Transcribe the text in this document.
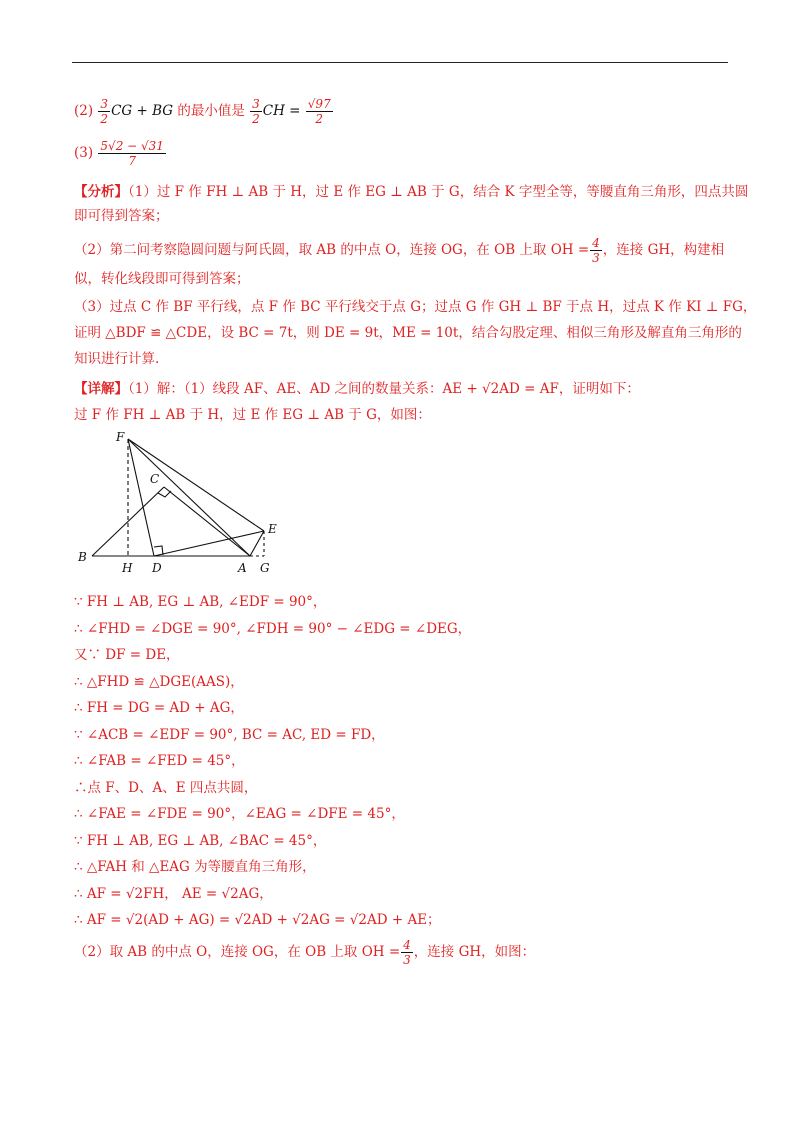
$(2) \frac{3}{2}$ CG + BG 的最小值是 $\frac{3}{2}$ CH = $\frac{√97}{2}$

$(3) \frac{5√2 - √31}{7}$

【分析】（1）过 F 作 FH ⊥ AB 于 H，过 E 作 EG ⊥ AB 于 G，结合 K 字型全等，等腰直角三角形，四点共圆

即可得到答案；

（2）第二问考察隐圆问题与阿氏圆，取 AB 的中点 O，连接 OG，在 OB 上取 OH = $\frac{4}{3}$ ，连接 GH，构建相

似，转化线段即可得到答案；

（3）过点 C 作 BF 平行线，点 F 作 BC 平行线交于点 G；过点 G 作 GH ⊥ BF 于点 H，过点 K 作 KI ⊥ FG，

证明 △BDF ≌ △CDE，设 BC = 7t，则 DE = 9t，ME = 10t，结合勾股定理、相似三角形及解直角三角形的

知识进行计算.

【详解】（1）解：（1）线段 AF、AE、AD 之间的数量关系：AE + √2AD = AF，证明如下：

过 F 作 FH ⊥ AB 于 H，过 E 作 EG ⊥ AB 于 G，如图：

F
C
E
B
H D	A G

∵ FH ⊥ AB, EG ⊥ AB, ∠EDF = 90°，

∴ ∠FHD = ∠DGE = 90°, ∠FDH = 90° − ∠EDG = ∠DEG，

又∵ DF = DE，

∴ △FHD ≌ △DGE(AAS)，

∴ FH = DG = AD + AG，

∵ ∠ACB = ∠EDF = 90°, BC = AC, ED = FD，

∴ ∠FAB = ∠FED = 45°，

∴点 F、D、A、E 四点共圆，

∴ ∠FAE = ∠FDE = 90°，∠EAG = ∠DFE = 45°，

∵ FH ⊥ AB, EG ⊥ AB, ∠BAC = 45°，

∴ △FAH 和 △EAG 为等腰直角三角形，

∴ AF = √2FH， AE = √2AG，

∴ AF = √2(AD + AG) = √2AD + √2AG = √2AD + AE；

（2）取 AB 的中点 O，连接 OG，在 OB 上取 OH = $\frac{4}{3}$ ，连接 GH，如图：
